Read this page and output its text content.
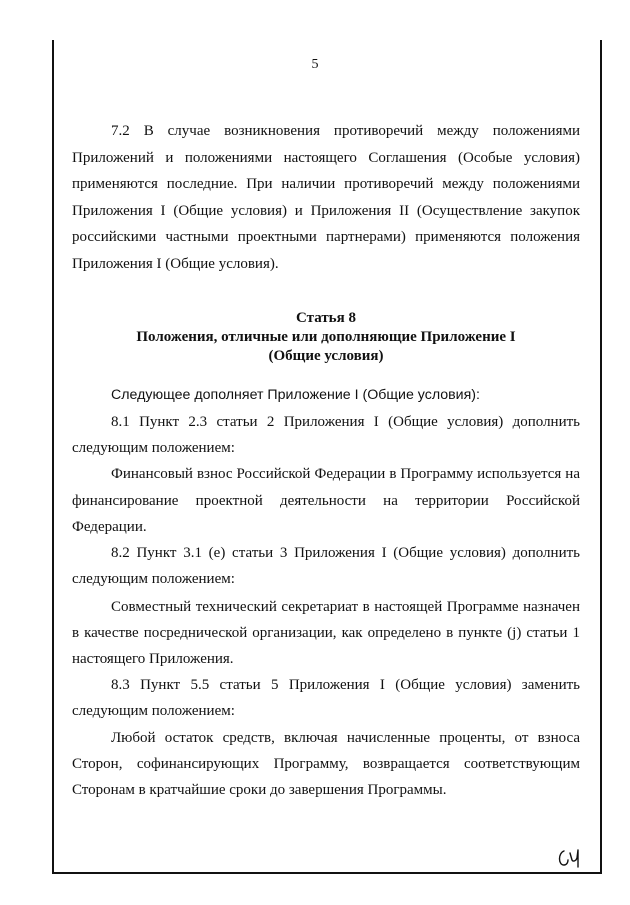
5
7.2 В случае возникновения противоречий между положениями
Приложений и положениями настоящего Соглашения (Особые условия)
применяются последние. При наличии противоречий между положениями
Приложения I (Общие условия) и Приложения II (Осуществление закупок
российскими частными проектными партнерами) применяются положения
Приложения I (Общие условия).
Статья 8
Положения, отличные или дополняющие Приложение I
(Общие условия)
Следующее дополняет Приложение I (Общие условия):
8.1 Пункт 2.3 статьи 2 Приложения I (Общие условия) дополнить
следующим положением:
Финансовый взнос Российской Федерации в Программу используется на
финансирование проектной деятельности на территории Российской
Федерации.
8.2 Пункт 3.1 (e) статьи 3 Приложения I (Общие условия) дополнить
следующим положением:
Совместный технический секретариат в настоящей Программе назначен
в качестве посреднической организации, как определено в пункте (j) статьи 1
настоящего Приложения.
8.3 Пункт 5.5 статьи 5 Приложения I (Общие условия) заменить
следующим положением:
Любой остаток средств, включая начисленные проценты, от взноса
Сторон, софинансирующих Программу, возвращается соответствующим
Сторонам в кратчайшие сроки до завершения Программы.
